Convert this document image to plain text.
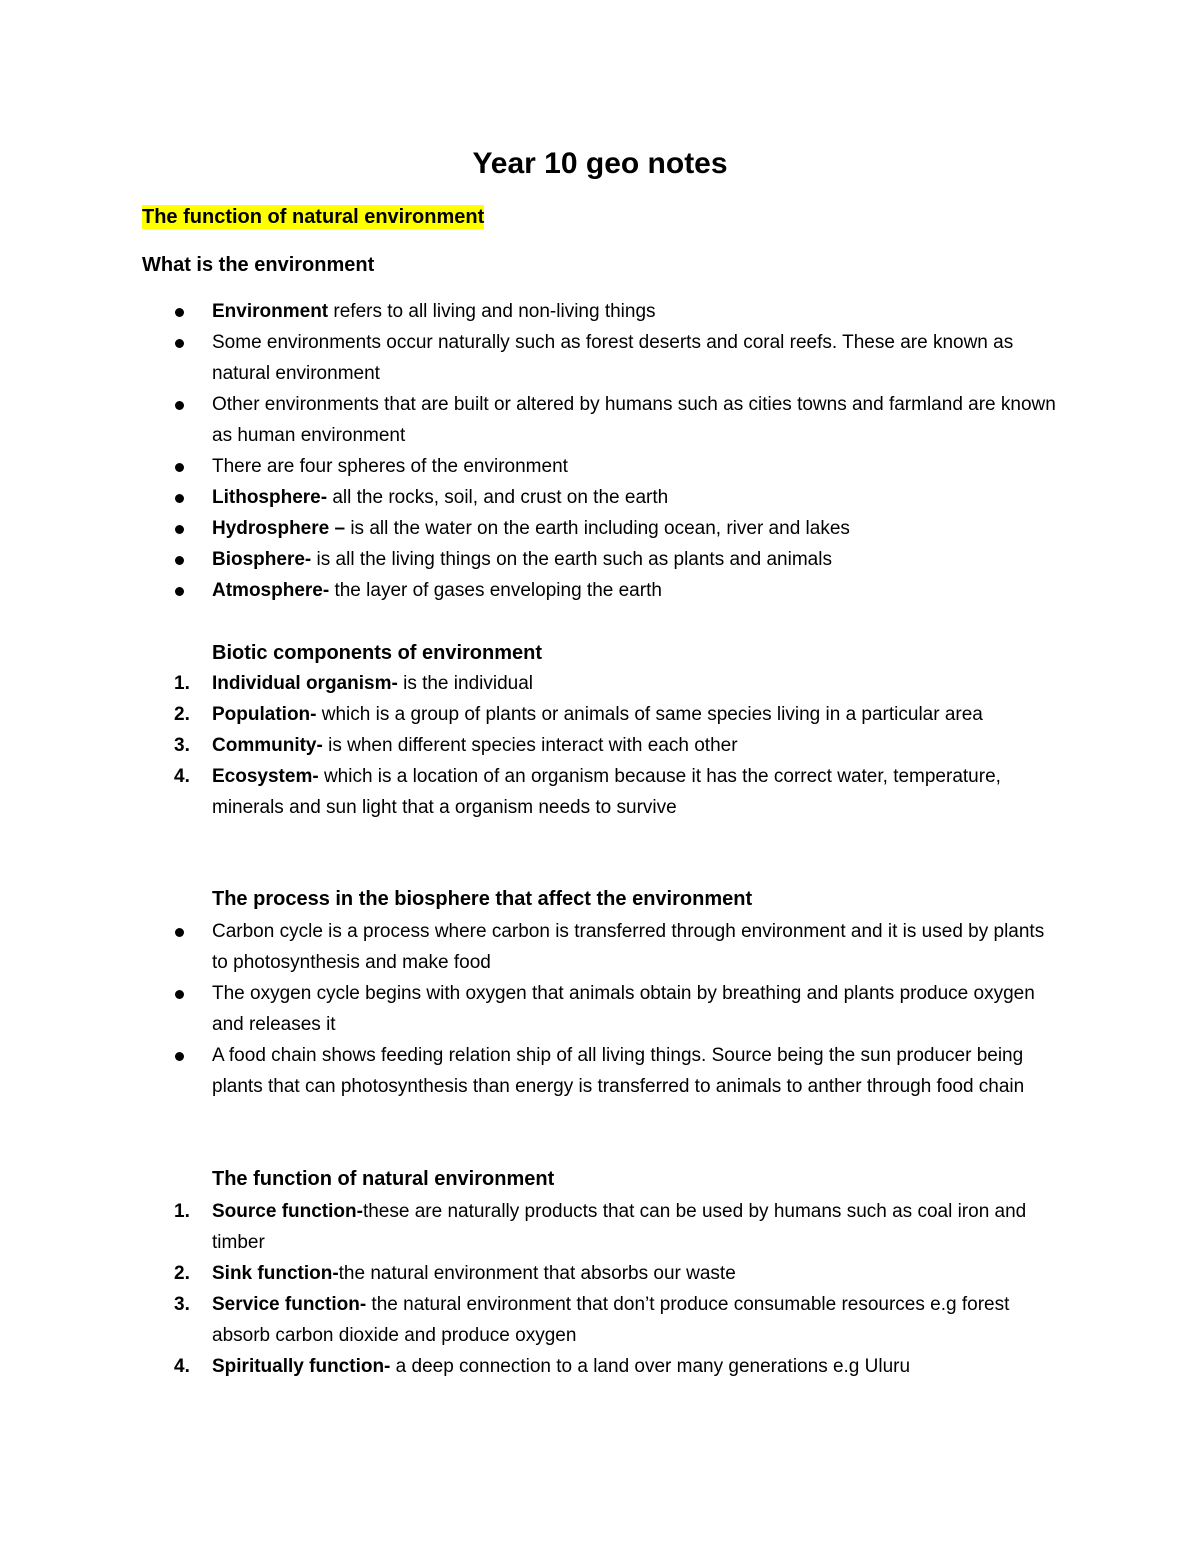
Year 10 geo notes
The function of natural environment
What is the environment
Environment refers to all living and non-living things
Some environments occur naturally such as forest deserts and coral reefs. These are known as natural environment
Other environments that are built or altered by humans such as cities towns and farmland are known as human environment
There are four spheres of the environment
Lithosphere- all the rocks, soil, and crust on the earth
Hydrosphere – is all the water on the earth including ocean, river and lakes
Biosphere- is all the living things on the earth such as plants and animals
Atmosphere- the layer of gases enveloping the earth
Biotic components of environment
1. Individual organism- is the individual
2. Population- which is a group of plants or animals of same species living in a particular area
3. Community- is when different species interact with each other
4. Ecosystem- which is a location of an organism because it has the correct water, temperature, minerals and sun light that a organism needs to survive
The process in the biosphere that affect the environment
Carbon cycle is a process where carbon is transferred through environment and it is used by plants to photosynthesis and make food
The oxygen cycle begins with oxygen that animals obtain by breathing and plants produce oxygen and releases it
A food chain shows feeding relation ship of all living things. Source being the sun producer being plants that can photosynthesis than energy is transferred to animals to anther through food chain
The function of natural environment
1. Source function-these are naturally products that can be used by humans such as coal iron and timber
2. Sink function-the natural environment that absorbs our waste
3. Service function- the natural environment that don’t produce consumable resources e.g forest absorb carbon dioxide and produce oxygen
4. Spiritually function- a deep connection to a land over many generations e.g Uluru
